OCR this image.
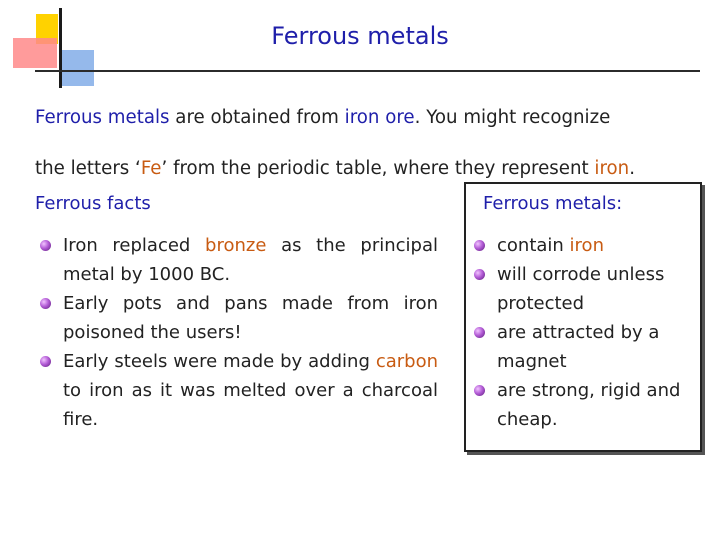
Ferrous metals
Ferrous metals are obtained from iron ore. You might recognize
the letters ‘Fe’ from the periodic table, where they represent iron.
Ferrous facts	Ferrous metals:
Iron replaced bronze as the principal metal by 1000 BC.
Early pots and pans made from iron poisoned the users!
Early steels were made by adding carbon to iron as it was melted over a charcoal fire.
contain iron
will corrode unless protected
are attracted by a magnet
are strong, rigid and cheap.
